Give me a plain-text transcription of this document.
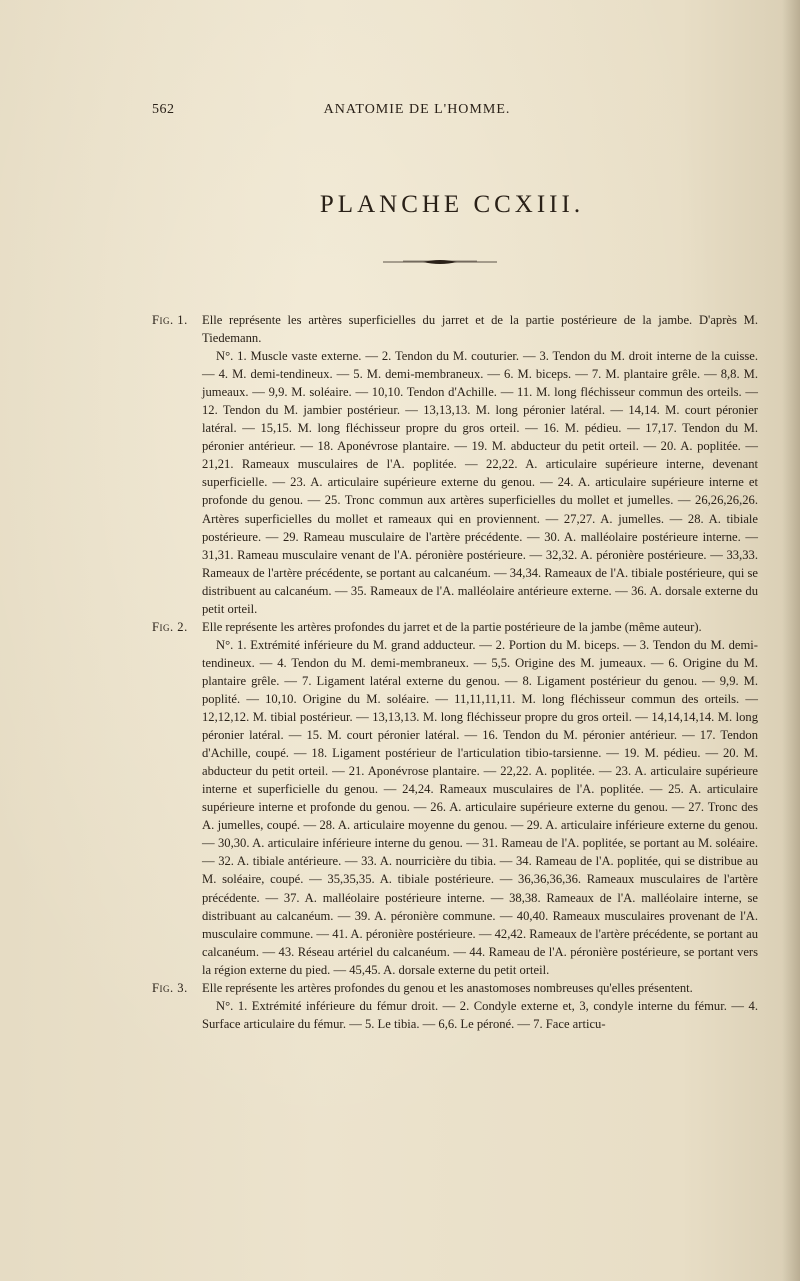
562	ANATOMIE DE L'HOMME.
PLANCHE CCXIII.
Fig. 1.	Elle représente les artères superficielles du jarret et de la partie postérieure de la jambe. D'après M. Tiedemann.

N°. 1. Muscle vaste externe. — 2. Tendon du M. couturier. — 3. Tendon du M. droit interne de la cuisse. — 4. M. demi-tendineux. — 5. M. demi-membraneux. — 6. M. biceps. — 7. M. plantaire grêle. — 8,8. M. jumeaux. — 9,9. M. soléaire. — 10,10. Tendon d'Achille. — 11. M. long fléchisseur commun des orteils. — 12. Tendon du M. jambier postérieur. — 13,13,13. M. long péronier latéral. — 14,14. M. court péronier latéral. — 15,15. M. long fléchisseur propre du gros orteil. — 16. M. pédieu. — 17,17. Tendon du M. péronier antérieur. — 18. Aponévrose plantaire. — 19. M. abducteur du petit orteil. — 20. A. poplitée. — 21,21. Rameaux musculaires de l'A. poplitée. — 22,22. A. articulaire supérieure interne, devenant superficielle. — 23. A. articulaire supérieure externe du genou. — 24. A. articulaire supérieure interne et profonde du genou. — 25. Tronc commun aux artères superficielles du mollet et jumelles. — 26,26,26,26. Artères superficielles du mollet et rameaux qui en proviennent. — 27,27. A. jumelles. — 28. A. tibiale postérieure. — 29. Rameau musculaire de l'artère précédente. — 30. A. malléolaire postérieure interne. — 31,31. Rameau musculaire venant de l'A. péronière postérieure. — 32,32. A. péronière postérieure. — 33,33. Rameaux de l'artère précédente, se portant au calcanéum. — 34,34. Rameaux de l'A. tibiale postérieure, qui se distribuent au calcanéum. — 35. Rameaux de l'A. malléolaire antérieure externe. — 36. A. dorsale externe du petit orteil.

Fig. 2.	Elle représente les artères profondes du jarret et de la partie postérieure de la jambe (même auteur).

N°. 1. Extrémité inférieure du M. grand adducteur. — 2. Portion du M. biceps. — 3. Tendon du M. demi-tendineux. — 4. Tendon du M. demi-membraneux. — 5,5. Origine des M. jumeaux. — 6. Origine du M. plantaire grêle. — 7. Ligament latéral externe du genou. — 8. Ligament postérieur du genou. — 9,9. M. poplité. — 10,10. Origine du M. soléaire. — 11,11,11,11. M. long fléchisseur commun des orteils. — 12,12,12. M. tibial postérieur. — 13,13,13. M. long fléchisseur propre du gros orteil. — 14,14,14,14. M. long péronier latéral. — 15. M. court péronier latéral. — 16. Tendon du M. péronier antérieur. — 17. Tendon d'Achille, coupé. — 18. Ligament postérieur de l'articulation tibio-tarsienne. — 19. M. pédieu. — 20. M. abducteur du petit orteil. — 21. Aponévrose plantaire. — 22,22. A. poplitée. — 23. A. articulaire supérieure interne et superficielle du genou. — 24,24. Rameaux musculaires de l'A. poplitée. — 25. A. articulaire supérieure interne et profonde du genou. — 26. A. articulaire supérieure externe du genou. — 27. Tronc des A. jumelles, coupé. — 28. A. articulaire moyenne du genou. — 29. A. articulaire inférieure externe du genou. — 30,30. A. articulaire inférieure interne du genou. — 31. Rameau de l'A. poplitée, se portant au M. soléaire. — 32. A. tibiale antérieure. — 33. A. nourricière du tibia. — 34. Rameau de l'A. poplitée, qui se distribue au M. soléaire, coupé. — 35,35,35. A. tibiale postérieure. — 36,36,36,36. Rameaux musculaires de l'artère précédente. — 37. A. malléolaire postérieure interne. — 38,38. Rameaux de l'A. malléolaire interne, se distribuant au calcanéum. — 39. A. péronière commune. — 40,40. Rameaux musculaires provenant de l'A. musculaire commune. — 41. A. péronière postérieure. — 42,42. Rameaux de l'artère précédente, se portant au calcanéum. — 43. Réseau artériel du calcanéum. — 44. Rameau de l'A. péronière postérieure, se portant vers la région externe du pied. — 45,45. A. dorsale externe du petit orteil.

Fig. 3.	Elle représente les artères profondes du genou et les anastomoses nombreuses qu'elles présentent.

N°. 1. Extrémité inférieure du fémur droit. — 2. Condyle externe et, 3, condyle interne du fémur. — 4. Surface articulaire du fémur. — 5. Le tibia. — 6,6. Le péroné. — 7. Face articu-
